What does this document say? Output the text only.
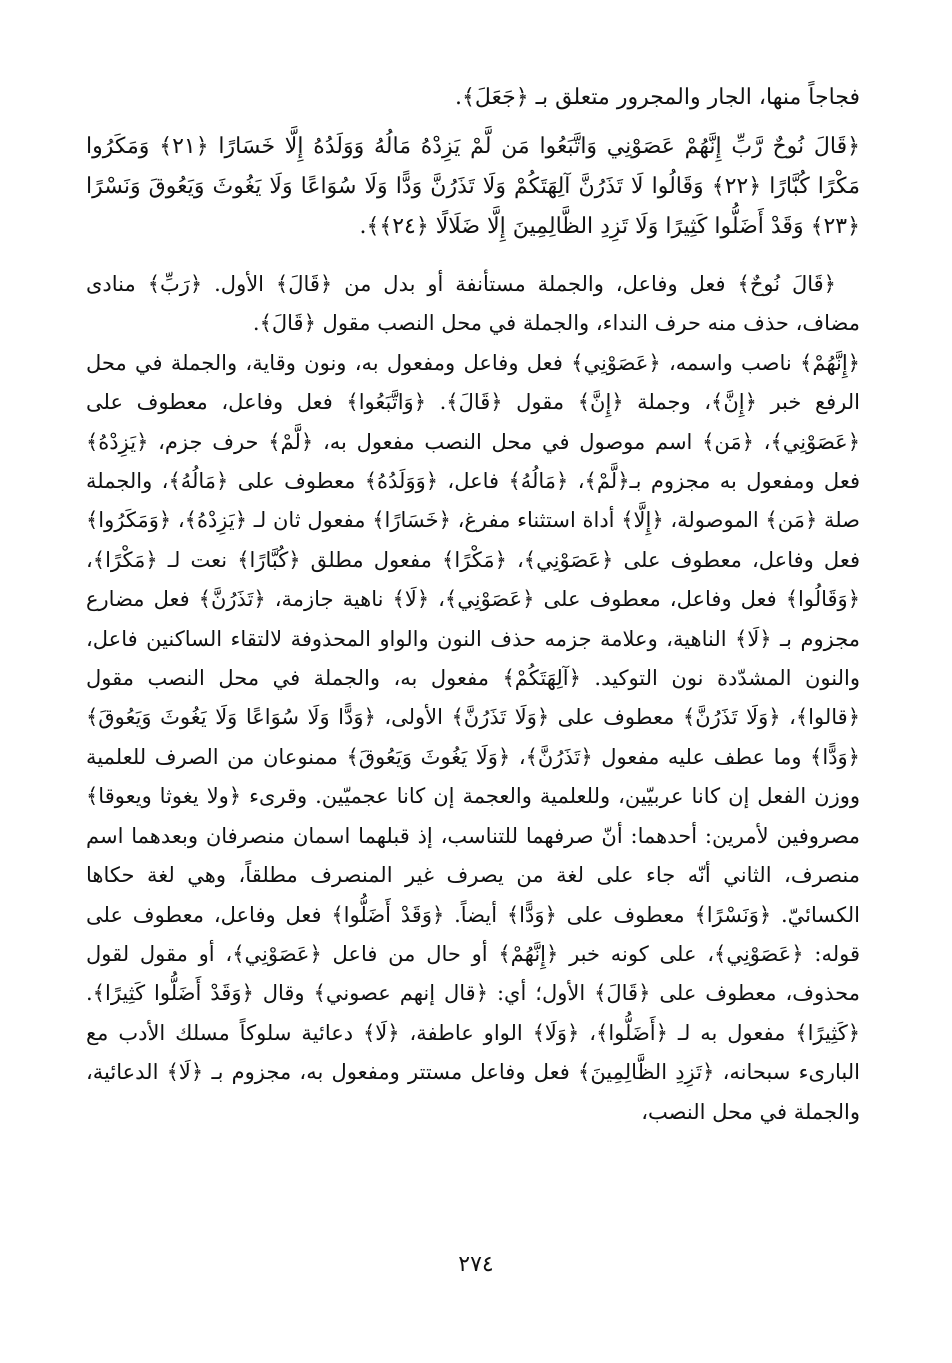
فجاجاً منها، الجار والمجرور متعلق بـ ﴿جَعَلَ﴾.

﴿قَالَ نُوحٌ رَّبِّ إِنَّهُمْ عَصَوْنِي وَاتَّبَعُوا مَن لَّمْ يَزِدْهُ مَالُهُ وَوَلَدُهُ إِلَّا خَسَارًا ﴿٢١﴾ وَمَكَرُوا مَكْرًا كُبَّارًا ﴿٢٢﴾ وَقَالُوا لَا تَذَرُنَّ آلِهَتَكُمْ وَلَا تَذَرُنَّ وَدًّا وَلَا سُوَاعًا وَلَا يَغُوثَ وَيَعُوقَ وَنَسْرًا ﴿٢٣﴾ وَقَدْ أَضَلُّوا كَثِيرًا وَلَا تَزِدِ الظَّالِمِينَ إِلَّا ضَلَالًا ﴿٢٤﴾﴾.

﴿قَالَ نُوحٌ﴾ فعل وفاعل، والجملة مستأنفة أو بدل من ﴿قَالَ﴾ الأول. ﴿رَبِّ﴾ منادى مضاف، حذف منه حرف النداء، والجملة في محل النصب مقول ﴿قَالَ﴾.

﴿إِنَّهُمْ﴾ ناصب واسمه، ﴿عَصَوْنِي﴾ فعل وفاعل ومفعول به، ونون وقاية، والجملة في محل الرفع خبر ﴿إِنَّ﴾، وجملة ﴿إِنَّ﴾ مقول ﴿قَالَ﴾. ﴿وَاتَّبَعُوا﴾ فعل وفاعل، معطوف على ﴿عَصَوْنِي﴾، ﴿مَن﴾ اسم موصول في محل النصب مفعول به، ﴿لَّمْ﴾ حرف جزم، ﴿يَزِدْهُ﴾ فعل ومفعول به مجزوم بـ﴿لَّمْ﴾، ﴿مَالُهُ﴾ فاعل، ﴿وَوَلَدُهُ﴾ معطوف على ﴿مَالُهُ﴾، والجملة صلة ﴿مَن﴾ الموصولة، ﴿إِلَّا﴾ أداة استثناء مفرغ، ﴿خَسَارًا﴾ مفعول ثان لـ ﴿يَزِدْهُ﴾، ﴿وَمَكَرُوا﴾ فعل وفاعل، معطوف على ﴿عَصَوْنِي﴾، ﴿مَكْرًا﴾ مفعول مطلق ﴿كُبَّارًا﴾ نعت لـ ﴿مَكْرًا﴾، ﴿وَقَالُوا﴾ فعل وفاعل، معطوف على ﴿عَصَوْنِي﴾، ﴿لَا﴾ ناهية جازمة، ﴿تَذَرُنَّ﴾ فعل مضارع مجزوم بـ ﴿لَا﴾ الناهية، وعلامة جزمه حذف النون والواو المحذوفة لالتقاء الساكنين فاعل، والنون المشدّدة نون التوكيد. ﴿آلِهَتَكُمْ﴾ مفعول به، والجملة في محل النصب مقول ﴿قالوا﴾، ﴿وَلَا تَذَرُنَّ﴾ معطوف على ﴿وَلَا تَذَرُنَّ﴾ الأولى، ﴿وَدًّا وَلَا سُوَاعًا وَلَا يَغُوثَ وَيَعُوقَ﴾ ﴿وَدًّا﴾ وما عطف عليه مفعول ﴿تَذَرُنَّ﴾، ﴿وَلَا يَغُوثَ وَيَعُوقَ﴾ ممنوعان من الصرف للعلمية ووزن الفعل إن كانا عربيّين، وللعلمية والعجمة إن كانا عجميّين. وقرىء ﴿ولا يغوثا ويعوقا﴾ مصروفين لأمرين: أحدهما: أنّ صرفهما للتناسب، إذ قبلهما اسمان منصرفان وبعدهما اسم منصرف، الثاني أنّه جاء على لغة من يصرف غير المنصرف مطلقاً، وهي لغة حكاها الكسائيّ. ﴿وَنَسْرًا﴾ معطوف على ﴿وَدًّا﴾ أيضاً. ﴿وَقَدْ أَضَلُّوا﴾ فعل وفاعل، معطوف على قوله: ﴿عَصَوْنِي﴾، على كونه خبر ﴿إِنَّهُمْ﴾ أو حال من فاعل ﴿عَصَوْنِي﴾، أو مقول لقول محذوف، معطوف على ﴿قَالَ﴾ الأول؛ أي: ﴿قال إنهم عصوني﴾ وقال ﴿وَقَدْ أَضَلُّوا كَثِيرًا﴾. ﴿كَثِيرًا﴾ مفعول به لـ ﴿أَضَلُّوا﴾، ﴿وَلَا﴾ الواو عاطفة، ﴿لَا﴾ دعائية سلوكاً مسلك الأدب مع البارىء سبحانه، ﴿تَزِدِ الظَّالِمِينَ﴾ فعل وفاعل مستتر ومفعول به، مجزوم بـ ﴿لَا﴾ الدعائية، والجملة في محل النصب،

٢٧٤
